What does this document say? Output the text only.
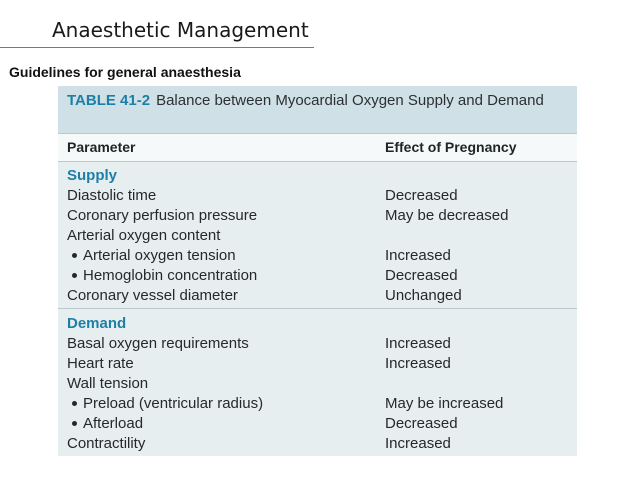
Anaesthetic Management
Guidelines for general anaesthesia
TABLE 41-2 Balance between Myocardial Oxygen Supply and Demand
Parameter	Effect of Pregnancy
Supply
Diastolic time	Decreased
Coronary perfusion pressure	May be decreased
Arterial oxygen content
Arterial oxygen tension	Increased
Hemoglobin concentration	Decreased
Coronary vessel diameter	Unchanged
Demand
Basal oxygen requirements	Increased
Heart rate	Increased
Wall tension
Preload (ventricular radius)	May be increased
Afterload	Decreased
Contractility	Increased
